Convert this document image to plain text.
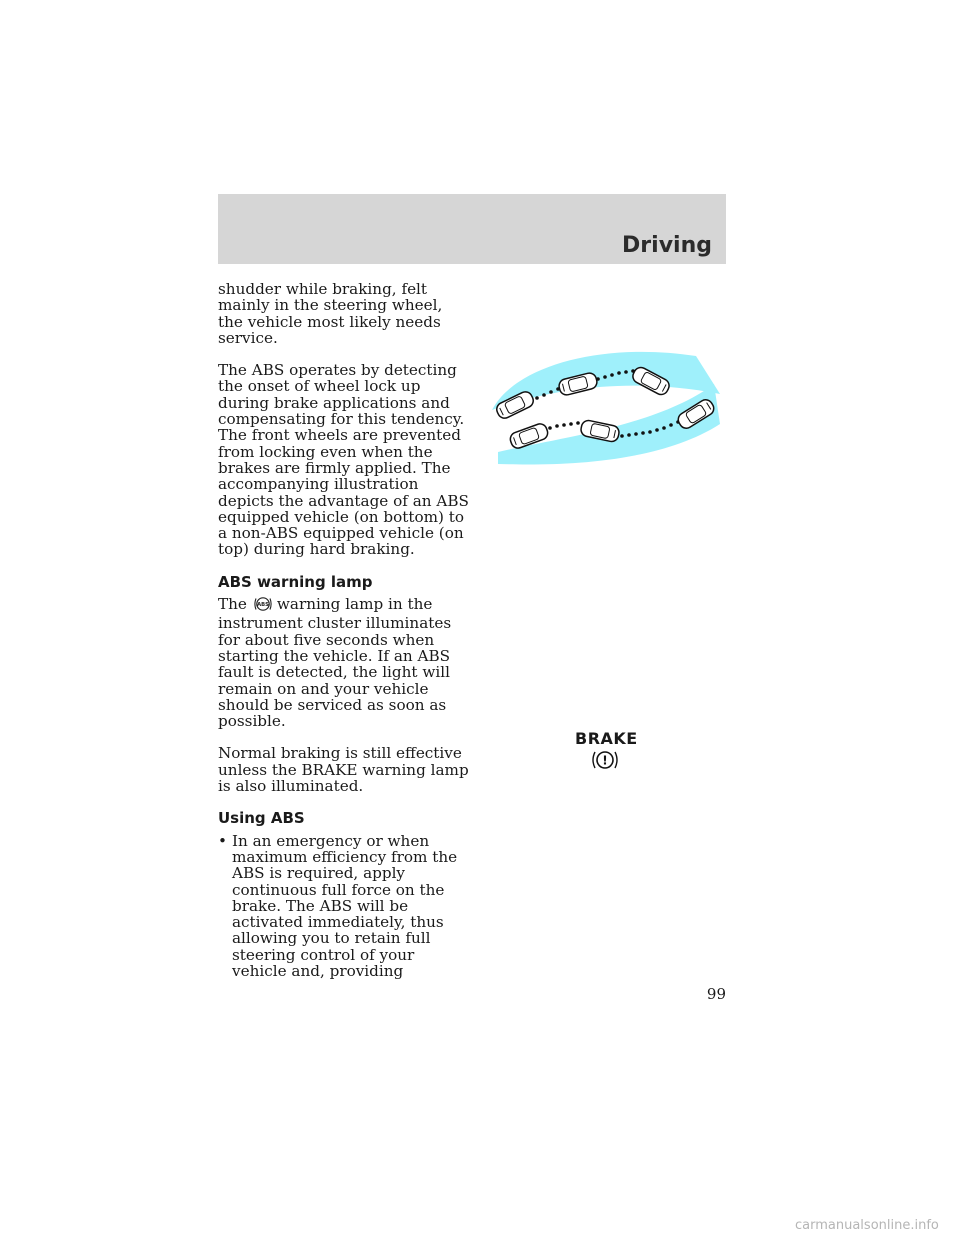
Driving

shudder while braking, felt mainly in the steering wheel, the vehicle most likely needs service.

The ABS operates by detecting the onset of wheel lock up during brake applications and compensating for this tendency. The front wheels are prevented from locking even when the brakes are firmly applied. The accompanying illustration depicts the advantage of an ABS equipped vehicle (on bottom) to a non-ABS equipped vehicle (on top) during hard braking.

ABS warning lamp

The ABS warning lamp in the instrument cluster illuminates for about five seconds when starting the vehicle. If an ABS fault is detected, the light will remain on and your vehicle should be serviced as soon as possible.

Normal braking is still effective unless the BRAKE warning lamp is also illuminated.

Using ABS
• In an emergency or when maximum efficiency from the ABS is required, apply continuous full force on the brake. The ABS will be activated immediately, thus allowing you to retain full steering control of your vehicle and, providing
BRAKE
!
99
carmanualsonline.info
